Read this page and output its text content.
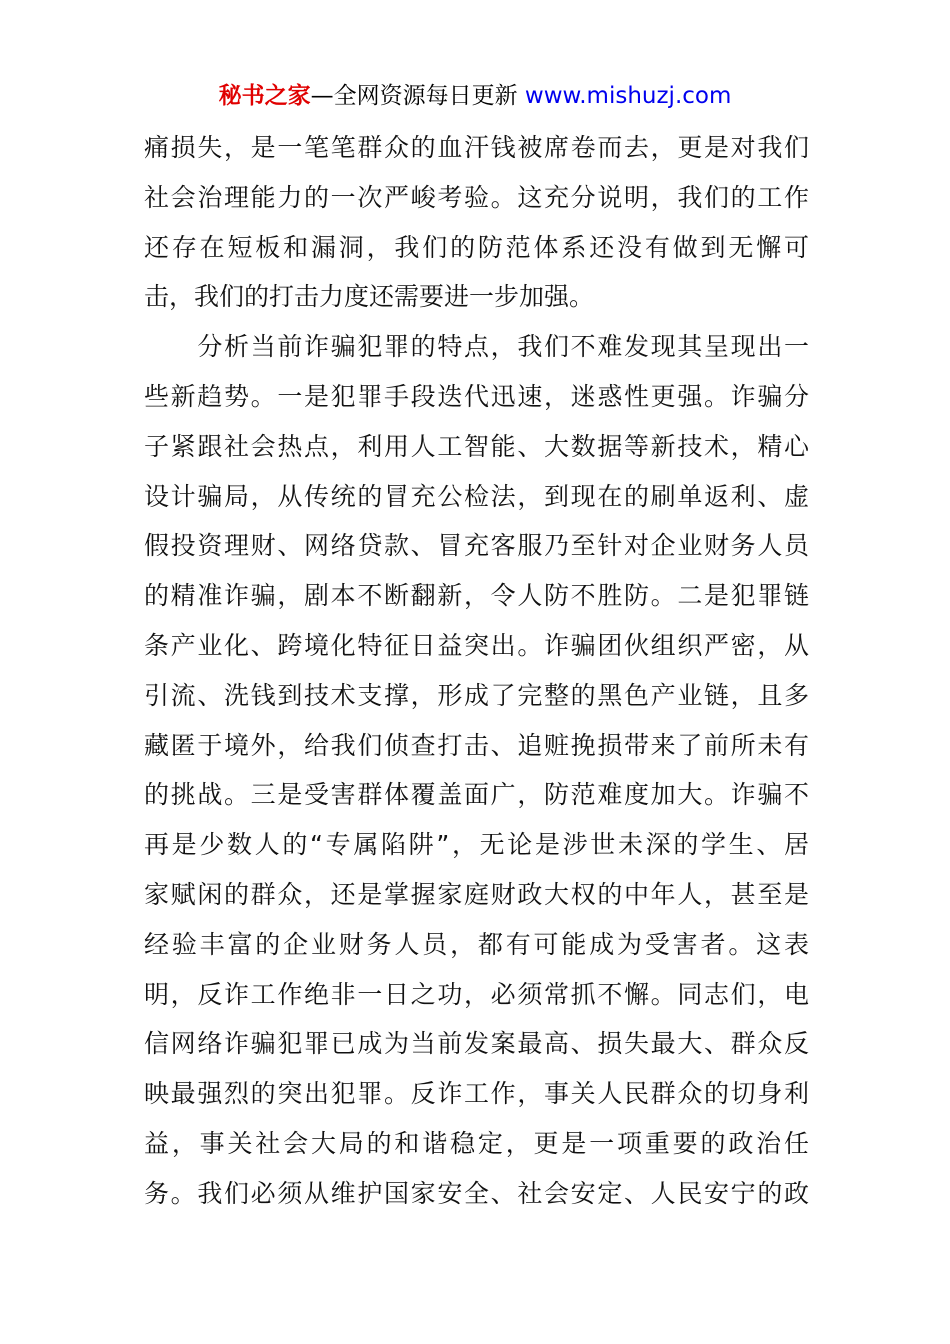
秘书之家—全网资源每日更新 www.mishuzj.com
痛损失，是一笔笔群众的血汗钱被席卷而去，更是对我们
社会治理能力的一次严峻考验。这充分说明，我们的工作
还存在短板和漏洞，我们的防范体系还没有做到无懈可
击，我们的打击力度还需要进一步加强。
　　分析当前诈骗犯罪的特点，我们不难发现其呈现出一
些新趋势。一是犯罪手段迭代迅速，迷惑性更强。诈骗分
子紧跟社会热点，利用人工智能、大数据等新技术，精心
设计骗局，从传统的冒充公检法，到现在的刷单返利、虚
假投资理财、网络贷款、冒充客服乃至针对企业财务人员
的精准诈骗，剧本不断翻新，令人防不胜防。二是犯罪链
条产业化、跨境化特征日益突出。诈骗团伙组织严密，从
引流、洗钱到技术支撑，形成了完整的黑色产业链，且多
藏匿于境外，给我们侦查打击、追赃挽损带来了前所未有
的挑战。三是受害群体覆盖面广，防范难度加大。诈骗不
再是少数人的“专属陷阱”，无论是涉世未深的学生、居
家赋闲的群众，还是掌握家庭财政大权的中年人，甚至是
经验丰富的企业财务人员，都有可能成为受害者。这表
明，反诈工作绝非一日之功，必须常抓不懈。同志们，电
信网络诈骗犯罪已成为当前发案最高、损失最大、群众反
映最强烈的突出犯罪。反诈工作，事关人民群众的切身利
益，事关社会大局的和谐稳定，更是一项重要的政治任
务。我们必须从维护国家安全、社会安定、人民安宁的政
